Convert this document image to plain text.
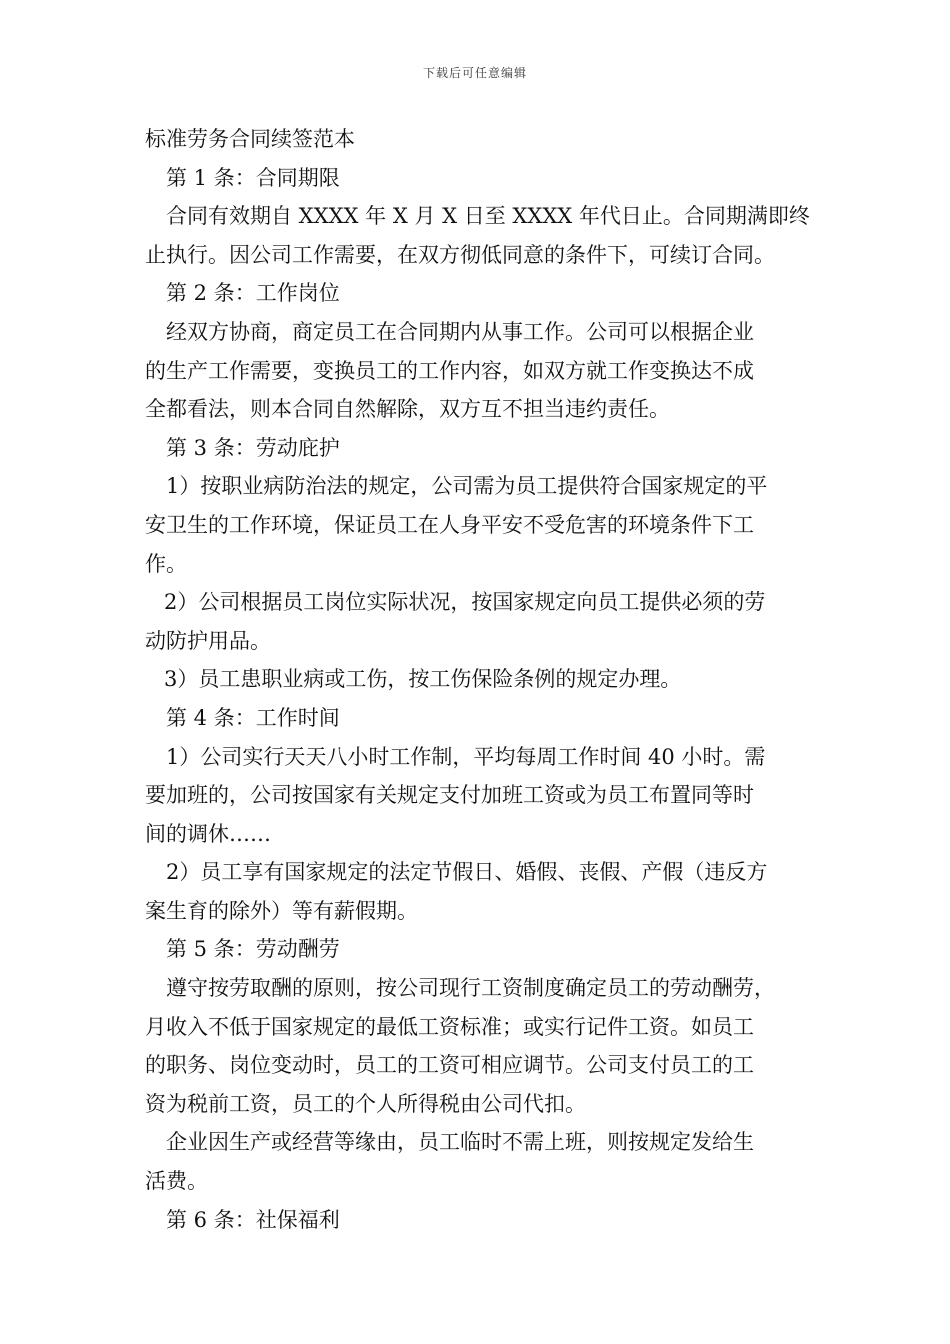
下载后可任意编辑

标准劳务合同续签范本

第 1 条：合同期限

合同有效期自 XXXX 年 X 月 X 日至 XXXX 年代日止。合同期满即终

止执行。因公司工作需要，在双方彻低同意的条件下，可续订合同。

第 2 条：工作岗位

经双方协商，商定员工在合同期内从事工作。公司可以根据企业

的生产工作需要，变换员工的工作内容，如双方就工作变换达不成

全都看法，则本合同自然解除，双方互不担当违约责任。

第 3 条：劳动庇护

1）按职业病防治法的规定，公司需为员工提供符合国家规定的平

安卫生的工作环境，保证员工在人身平安不受危害的环境条件下工

作。

2）公司根据员工岗位实际状况，按国家规定向员工提供必须的劳

动防护用品。

3）员工患职业病或工伤，按工伤保险条例的规定办理。

第 4 条：工作时间

1）公司实行天天八小时工作制，平均每周工作时间 40 小时。需

要加班的，公司按国家有关规定支付加班工资或为员工布置同等时

间的调休……

2）员工享有国家规定的法定节假日、婚假、丧假、产假（违反方

案生育的除外）等有薪假期。

第 5 条：劳动酬劳

遵守按劳取酬的原则，按公司现行工资制度确定员工的劳动酬劳，

月收入不低于国家规定的最低工资标准；或实行记件工资。如员工

的职务、岗位变动时，员工的工资可相应调节。公司支付员工的工

资为税前工资，员工的个人所得税由公司代扣。

企业因生产或经营等缘由，员工临时不需上班，则按规定发给生

活费。

第 6 条：社保福利
